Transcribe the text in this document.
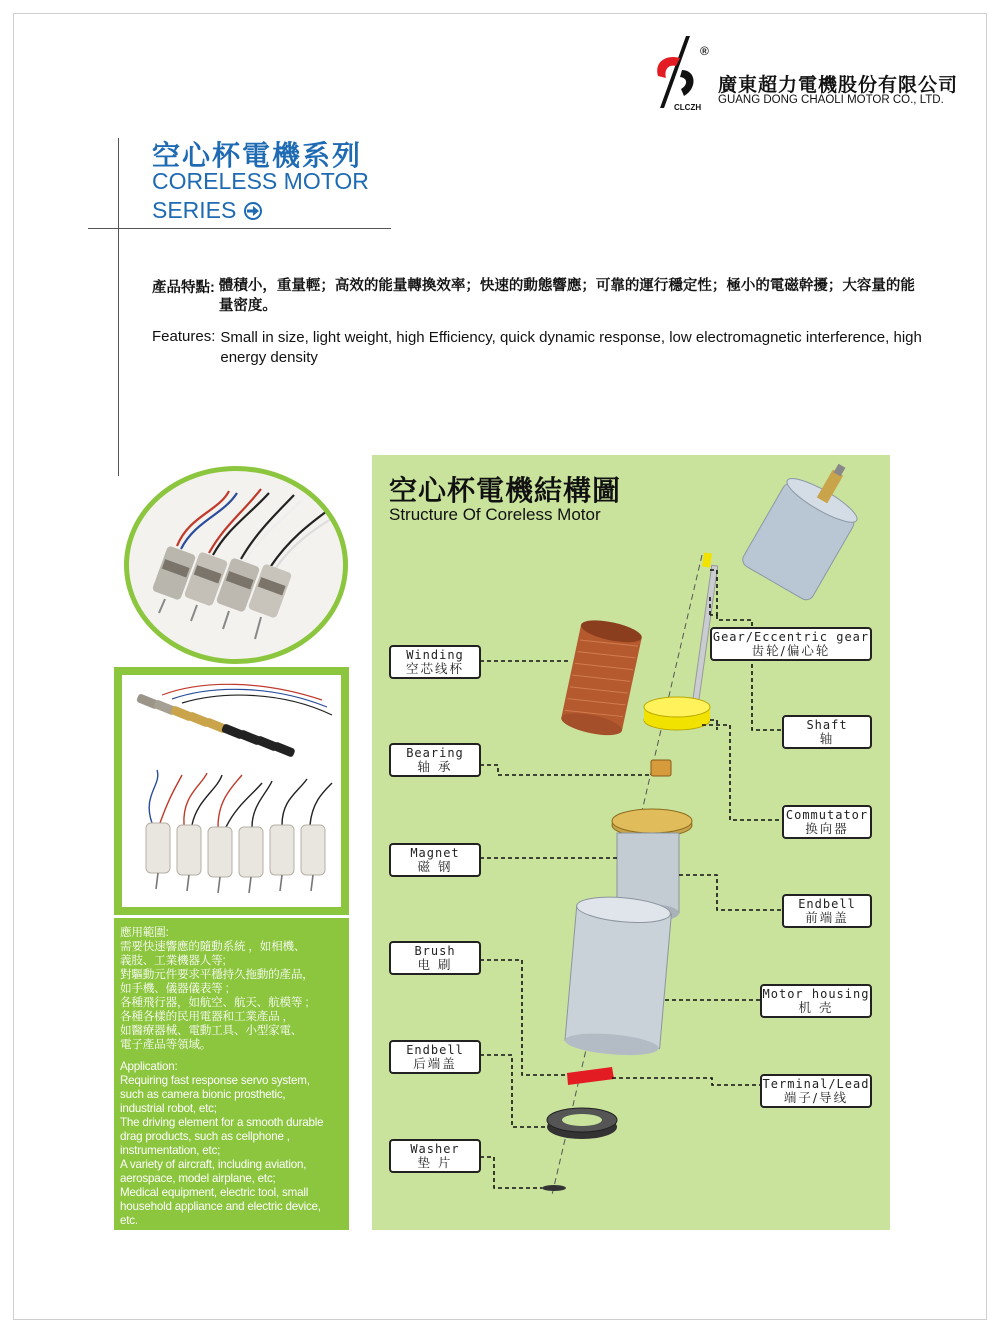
CLCZH
®
廣東超力電機股份有限公司
GUANG DONG CHAOLI MOTOR CO., LTD.
空心杯電機系列
CORELESS MOTOR
SERIES
產品特點: 體積小，重量輕；高效的能量轉換效率；快速的動態響應；可靠的運行穩定性；極小的電磁幹擾；大容量的能量密度。
Features: Small in size, light weight, high Efficiency, quick dynamic response, low electromagnetic interference, high energy density
應用範圍:
需要快速響應的隨動系統 ，如相機、
義肢、工業機器人等;
對驅動元件要求平穩持久拖動的產品，
如手機、儀器儀表等 ;
各種飛行器，如航空、航天、航模等 ;
各種各樣的民用電器和工業產品 ，
如醫療器械、電動工具、小型家電、
電子產品等領域。
Application:
Requiring fast response servo system,
such as camera bionic prosthetic,
industrial robot, etc;
The driving element for a smooth durable
drag products, such as cellphone ,
instrumentation, etc;
A variety of aircraft, including aviation,
aerospace, model airplane, etc;
Medical equipment, electric tool, small
household appliance and electric device,
etc.
空心杯電機結構圖
Structure Of Coreless Motor
Winding
空芯线杯
Bearing
轴 承
Magnet
磁 钢
Brush
电 刷
Endbell
后端盖
Washer
垫 片
Gear/Eccentric gear
齿轮/偏心轮
Shaft
轴
Commutator
换向器
Endbell
前端盖
Motor housing
机 壳
Terminal/Lead
端子/导线
